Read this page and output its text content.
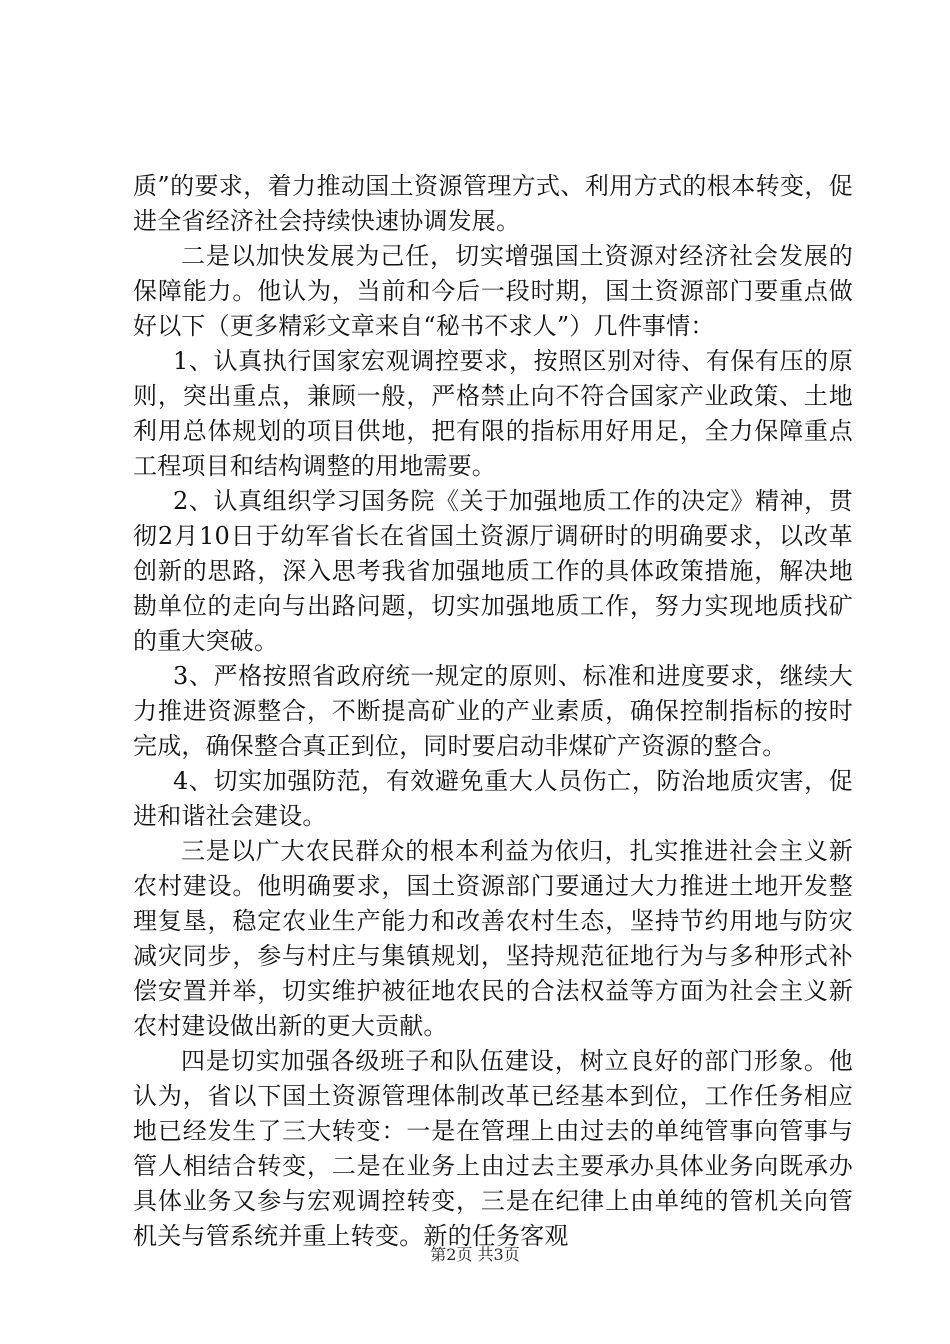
质”的要求，着力推动国土资源管理方式、利用方式的根本转变，促进全省经济社会持续快速协调发展。

二是以加快发展为己任，切实增强国土资源对经济社会发展的保障能力。他认为，当前和今后一段时期，国土资源部门要重点做好以下（更多精彩文章来自“秘书不求人”）几件事情：

1、认真执行国家宏观调控要求，按照区别对待、有保有压的原则，突出重点，兼顾一般，严格禁止向不符合国家产业政策、土地利用总体规划的项目供地，把有限的指标用好用足，全力保障重点工程项目和结构调整的用地需要。

2、认真组织学习国务院《关于加强地质工作的决定》精神，贯彻2月10日于幼军省长在省国土资源厅调研时的明确要求，以改革创新的思路，深入思考我省加强地质工作的具体政策措施，解决地勘单位的走向与出路问题，切实加强地质工作，努力实现地质找矿的重大突破。

3、严格按照省政府统一规定的原则、标准和进度要求，继续大力推进资源整合，不断提高矿业的产业素质，确保控制指标的按时完成，确保整合真正到位，同时要启动非煤矿产资源的整合。

4、切实加强防范，有效避免重大人员伤亡，防治地质灾害，促进和谐社会建设。

三是以广大农民群众的根本利益为依归，扎实推进社会主义新农村建设。他明确要求，国土资源部门要通过大力推进土地开发整理复垦，稳定农业生产能力和改善农村生态，坚持节约用地与防灾减灾同步，参与村庄与集镇规划，坚持规范征地行为与多种形式补偿安置并举，切实维护被征地农民的合法权益等方面为社会主义新农村建设做出新的更大贡献。

四是切实加强各级班子和队伍建设，树立良好的部门形象。他认为，省以下国土资源管理体制改革已经基本到位，工作任务相应地已经发生了三大转变：一是在管理上由过去的单纯管事向管事与管人相结合转变，二是在业务上由过去主要承办具体业务向既承办具体业务又参与宏观调控转变，三是在纪律上由单纯的管机关向管机关与管系统并重上转变。新的任务客观

第2页 共3页
